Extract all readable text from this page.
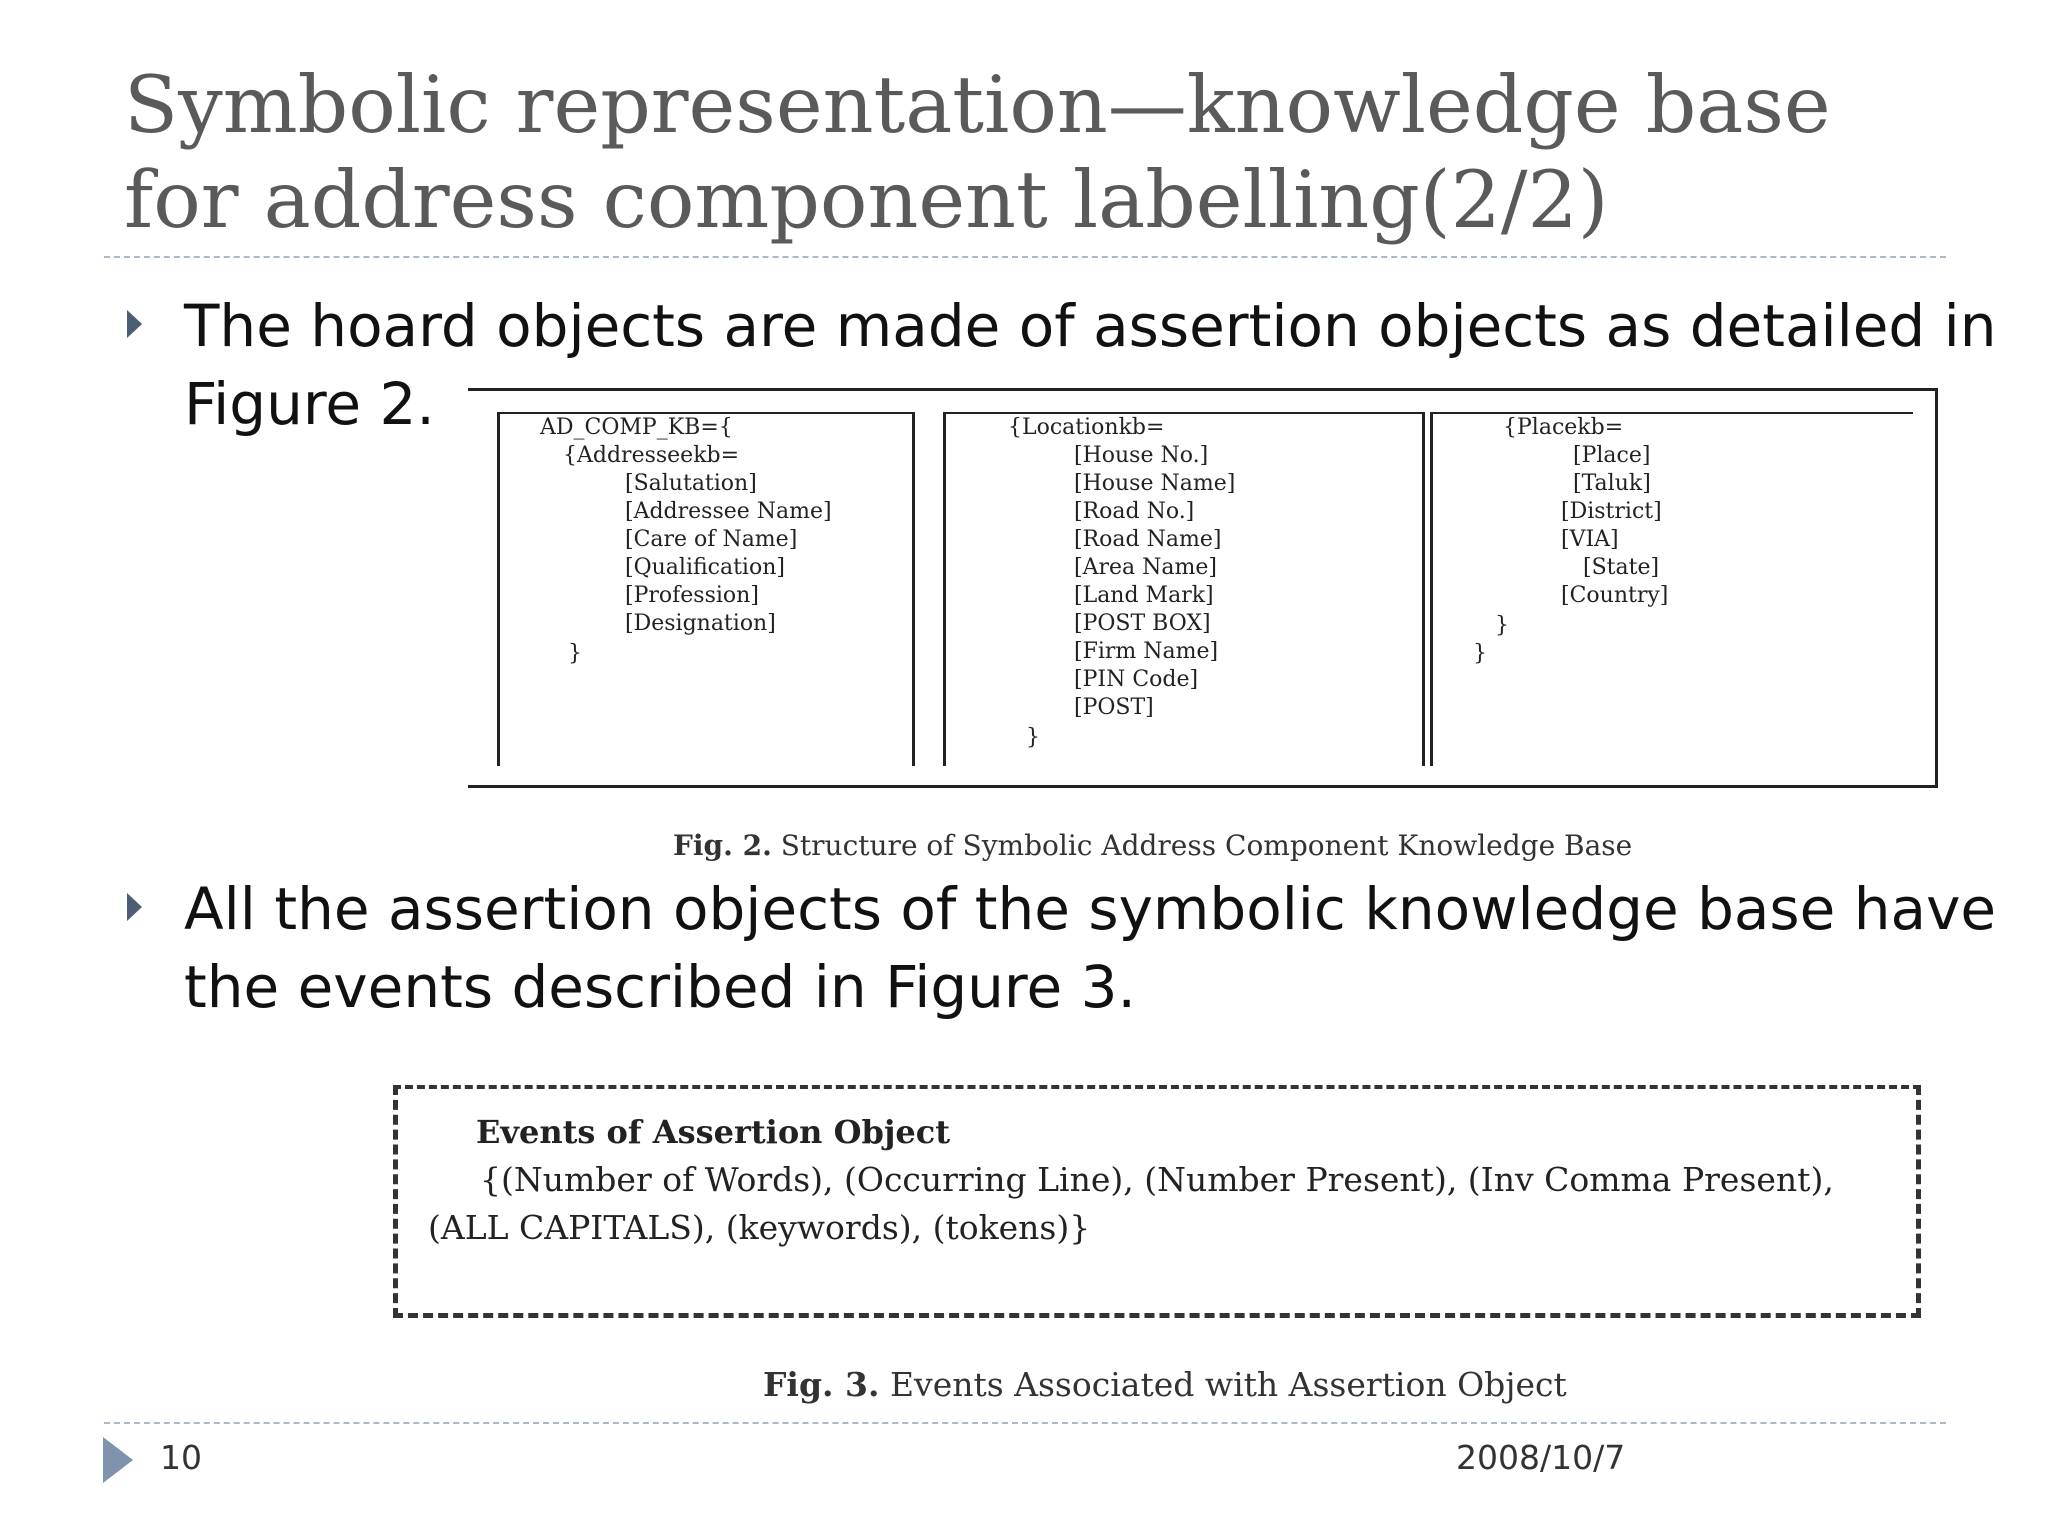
Symbolic representation—knowledge base
for address component labelling(2/2)
The hoard objects are made of assertion objects as detailed in
Figure 2.	AD_COMP_KB={
{Addresseekb=
[Salutation]
[Addressee Name]
[Care of Name]
[Qualification]
[Profession]
[Designation]
}
{Locationkb=
[House No.]
[House Name]
[Road No.]
[Road Name]
[Area Name]
[Land Mark]
[POST BOX]
[Firm Name]
[PIN Code]
[POST]
}
{Placekb=
[Place]
[Taluk]
[District]
[VIA]
[State]
[Country]
}
}
Fig. 2. Structure of Symbolic Address Component Knowledge Base
All the assertion objects of the symbolic knowledge base have
the events described in Figure 3.
Events of Assertion Object
{(Number of Words), (Occurring Line), (Number Present), (Inv Comma Present),
(ALL CAPITALS), (keywords), (tokens)}
Fig. 3. Events Associated with Assertion Object
10	2008/10/7
